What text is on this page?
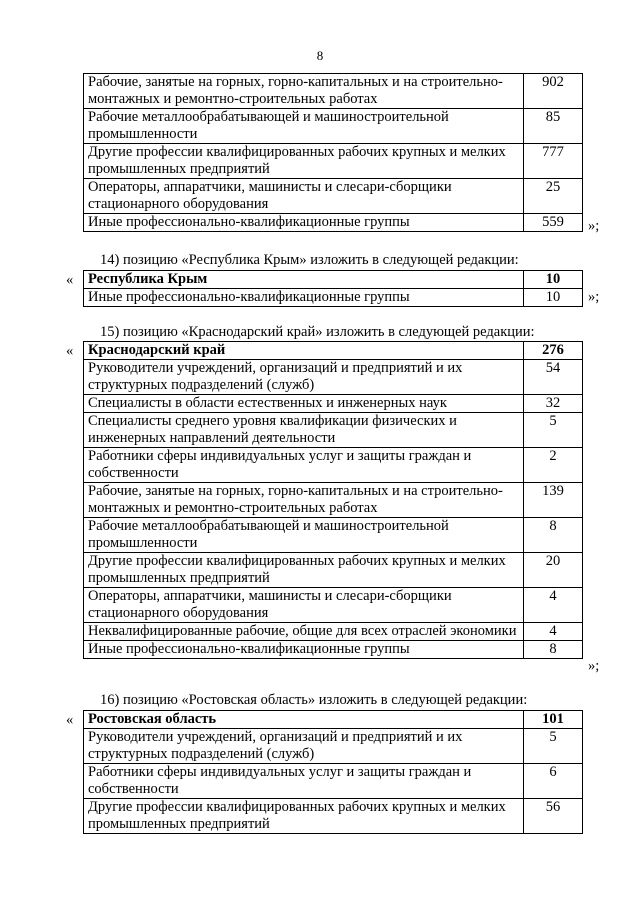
8
Рабочие, занятые на горных, горно-капитальных и на строительно-монтажных и ремонтно-строительных работах	902
Рабочие металлообрабатывающей и машиностроительной промышленности	85
Другие профессии квалифицированных рабочих крупных и мелких промышленных предприятий	777
Операторы, аппаратчики, машинисты и слесари-сборщики стационарного оборудования	25
Иные профессионально-квалификационные группы	559 »;
14) позицию «Республика Крым» изложить в следующей редакции:
« Республика Крым	10
Иные профессионально-квалификационные группы	10 »;
15) позицию «Краснодарский край» изложить в следующей редакции:
« Краснодарский край	276
Руководители учреждений, организаций и предприятий и их структурных подразделений (служб)	54
Специалисты в области естественных и инженерных наук	32
Специалисты среднего уровня квалификации физических и инженерных направлений деятельности	5
Работники сферы индивидуальных услуг и защиты граждан и собственности	2
Рабочие, занятые на горных, горно-капитальных и на строительно-монтажных и ремонтно-строительных работах	139
Рабочие металлообрабатывающей и машиностроительной промышленности	8
Другие профессии квалифицированных рабочих крупных и мелких промышленных предприятий	20
Операторы, аппаратчики, машинисты и слесари-сборщики стационарного оборудования	4
Неквалифицированные рабочие, общие для всех отраслей экономики	4
Иные профессионально-квалификационные группы	8
»;
16) позицию «Ростовская область» изложить в следующей редакции:
« Ростовская область	101
Руководители учреждений, организаций и предприятий и их структурных подразделений (служб)	5
Работники сферы индивидуальных услуг и защиты граждан и собственности	6
Другие профессии квалифицированных рабочих крупных и мелких промышленных предприятий	56
